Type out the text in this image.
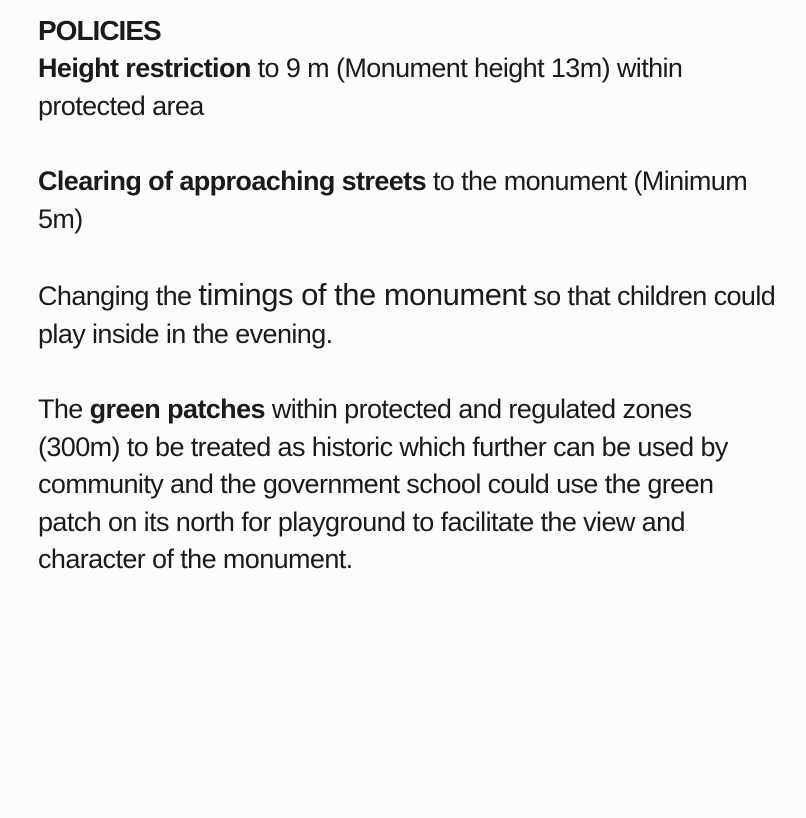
POLICIES

Height restriction to 9 m (Monument height 13m) within protected area

Clearing of approaching streets to the monument (Minimum 5m)

Changing the timings of the monument so that children could play inside in the evening.

The green patches within protected and regulated zones (300m) to be treated as historic which further can be used by community and the government school could use the green patch on its north for playground to facilitate the view and character of the monument.
